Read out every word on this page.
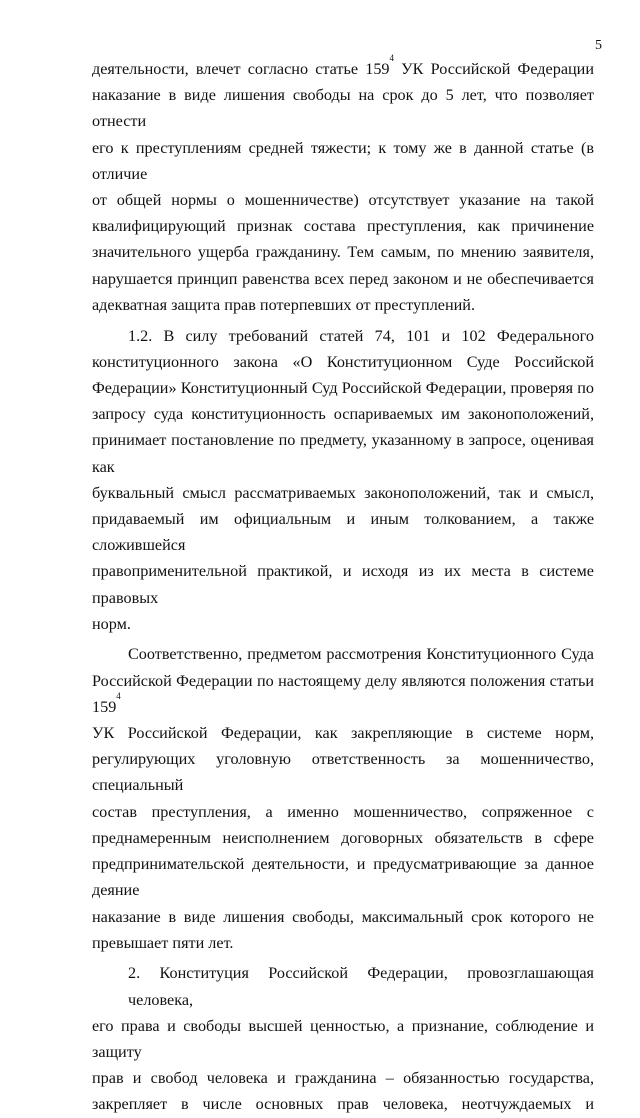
5
деятельности, влечет согласно статье $159^4$ УК Российской Федерации
наказание в виде лишения свободы на срок до 5 лет, что позволяет отнести
его к преступлениям средней тяжести; к тому же в данной статье (в отличие
от общей нормы о мошенничестве) отсутствует указание на такой
квалифицирующий признак состава преступления, как причинение
значительного ущерба гражданину. Тем самым, по мнению заявителя,
нарушается принцип равенства всех перед законом и не обеспечивается
адекватная защита прав потерпевших от преступлений.
1.2. В силу требований статей 74, 101 и 102 Федерального
конституционного закона «О Конституционном Суде Российской
Федерации» Конституционный Суд Российской Федерации, проверяя по
запросу суда конституционность оспариваемых им законоположений,
принимает постановление по предмету, указанному в запросе, оценивая как
буквальный смысл рассматриваемых законоположений, так и смысл,
придаваемый им официальным и иным толкованием, а также сложившейся
правоприменительной практикой, и исходя из их места в системе правовых
норм.
Соответственно, предметом рассмотрения Конституционного Суда
Российской Федерации по настоящему делу являются положения статьи $159^4$
УК Российской Федерации, как закрепляющие в системе норм,
регулирующих уголовную ответственность за мошенничество, специальный
состав преступления, а именно мошенничество, сопряженное с
преднамеренным неисполнением договорных обязательств в сфере
предпринимательской деятельности, и предусматривающие за данное деяние
наказание в виде лишения свободы, максимальный срок которого не
превышает пяти лет.
2. Конституция Российской Федерации, провозглашающая человека,
его права и свободы высшей ценностью, а признание, соблюдение и защиту
прав и свобод человека и гражданина – обязанностью государства,
закрепляет в числе основных прав человека, неотчуждаемых и
